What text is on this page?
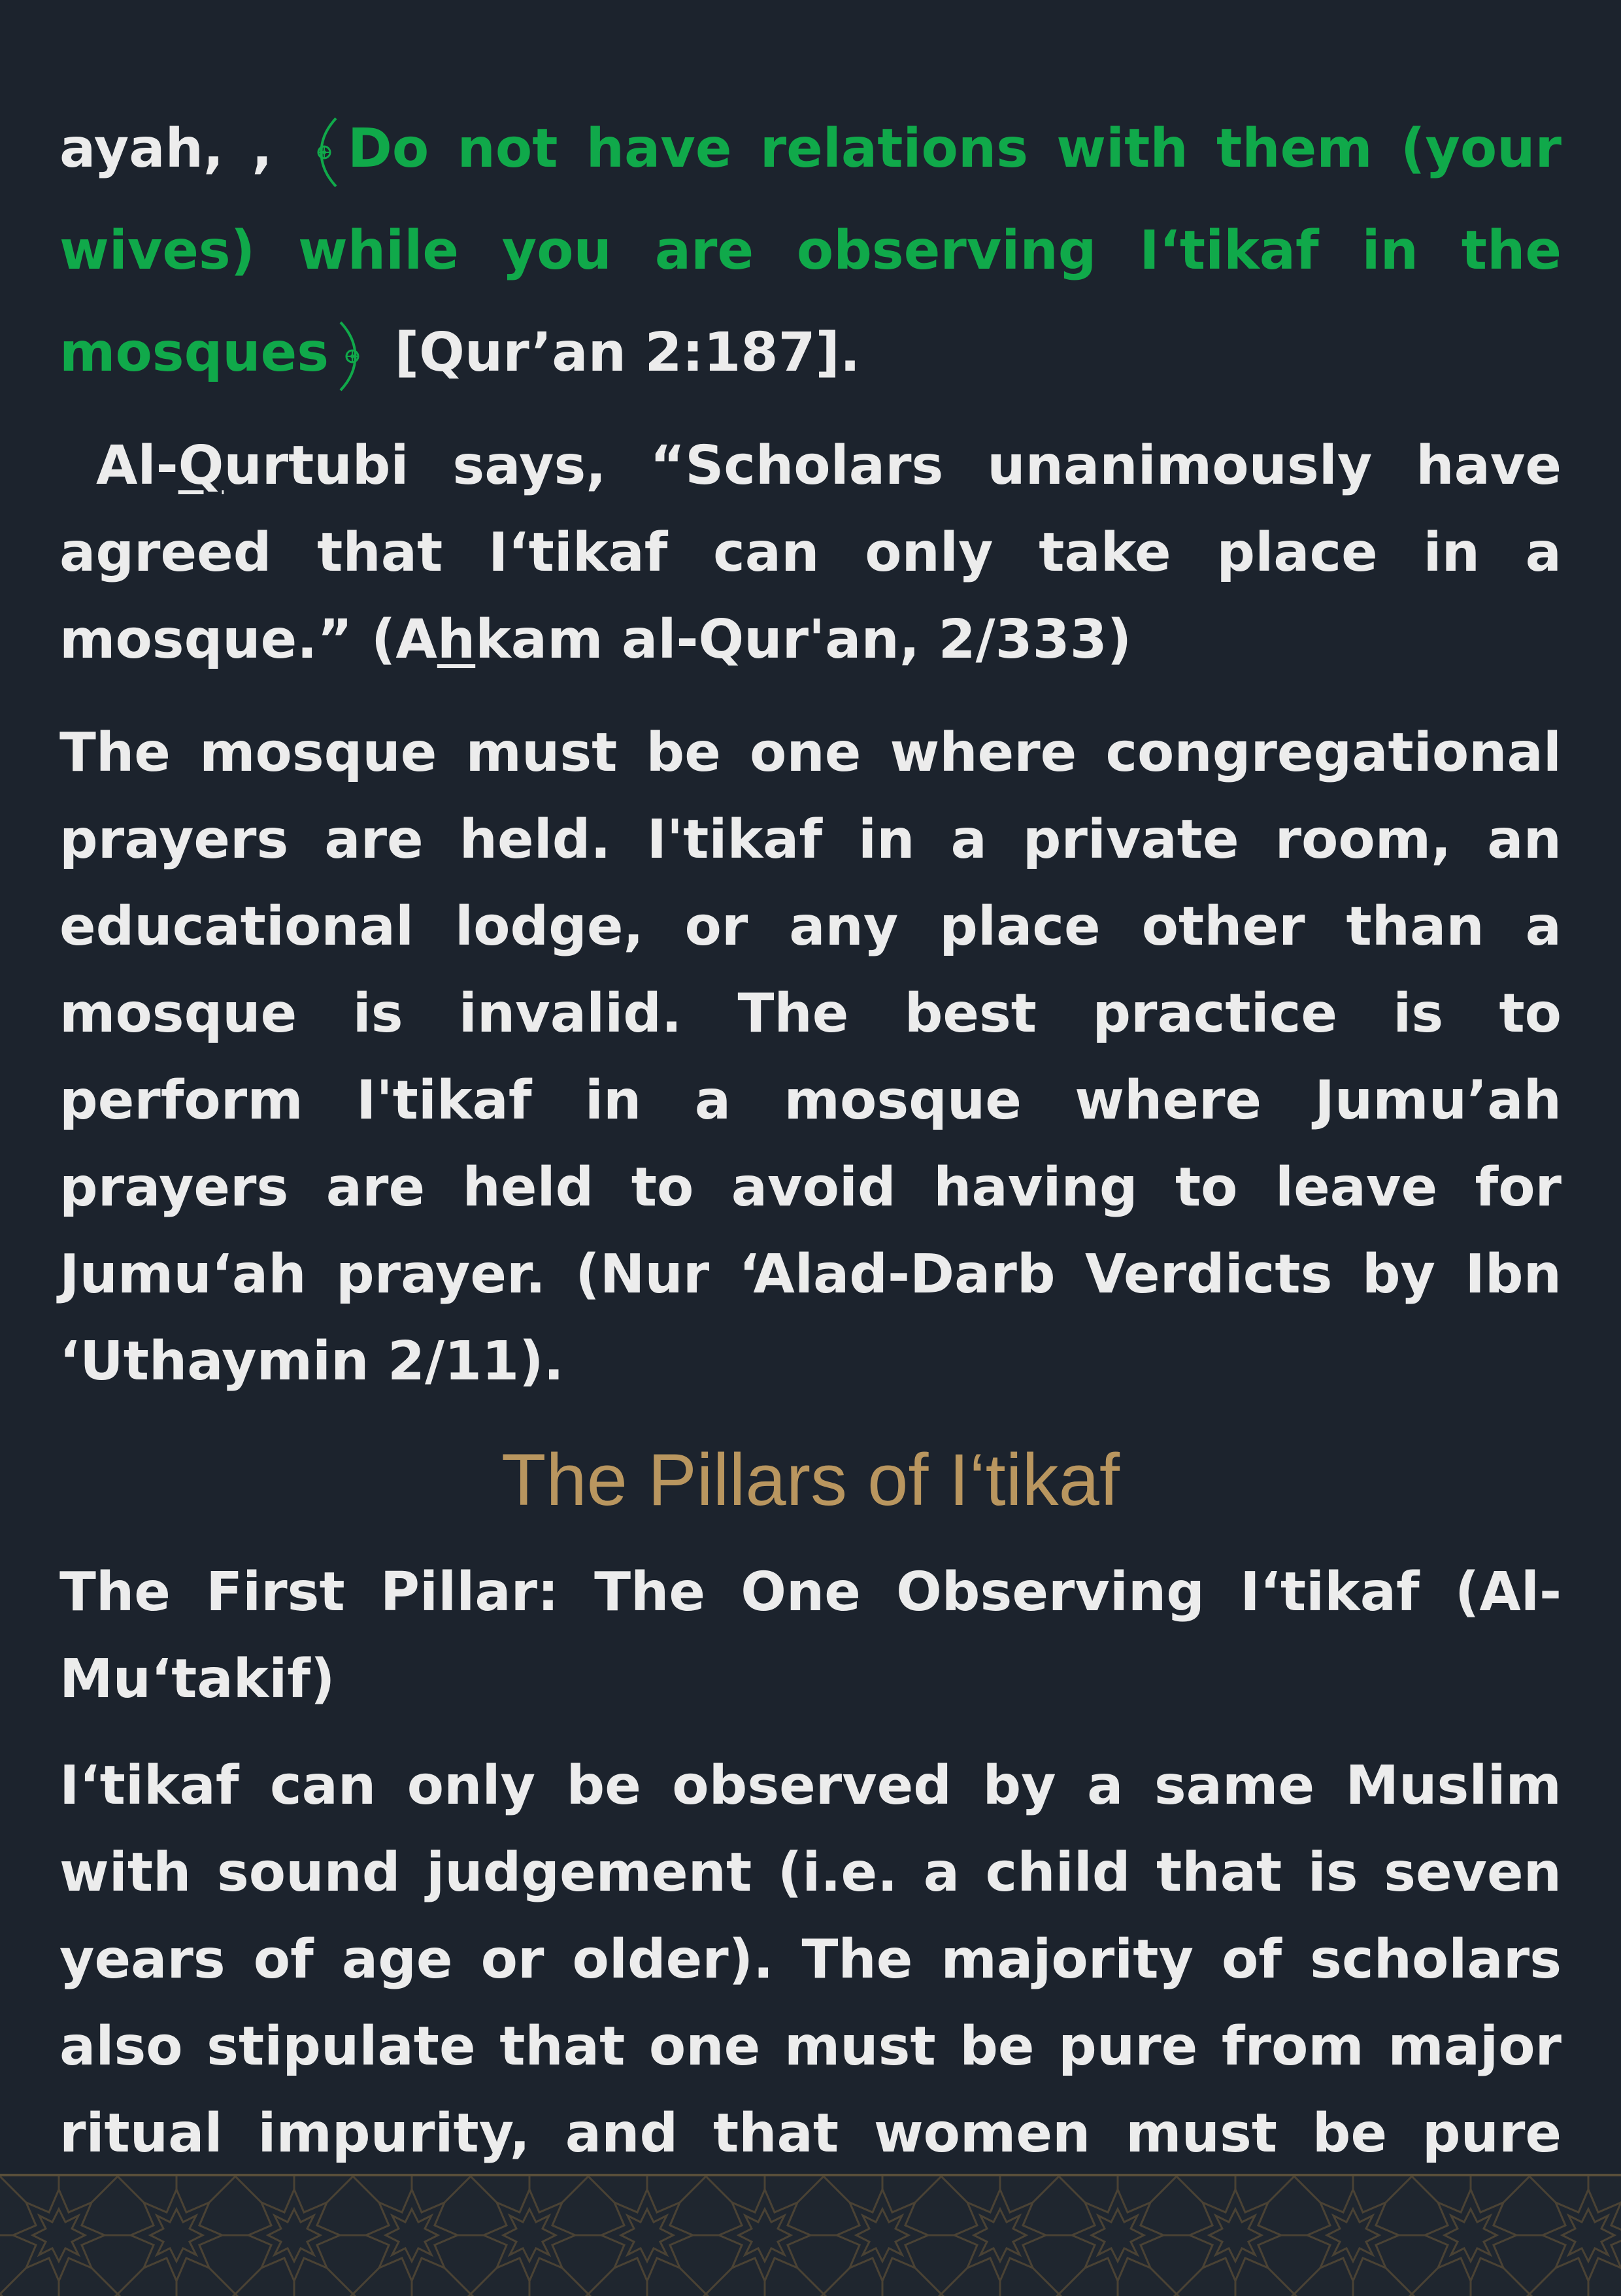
ayah, , Do not have relations with them (your wives) while you are observing I‘tikaf in the mosques [Qur’an 2:187].

Al-Qurtubi says, “Scholars unanimously have agreed that I‘tikaf can only take place in a mosque.” (Ahkam al-Qur'an, 2/333)

The mosque must be one where congregational prayers are held. I'tikaf in a private room, an educational lodge, or any place other than a mosque is invalid. The best practice is to perform I'tikaf in a mosque where Jumu’ah prayers are held to avoid having to leave for Jumu‘ah prayer. (Nur ‘Alad-Darb Verdicts by Ibn ‘Uthaymin 2/11).

The Pillars of I‘tikaf

The First Pillar: The One Observing I‘tikaf (Al-Mu‘takif)

I‘tikaf can only be observed by a same Muslim with sound judgement (i.e. a child that is seven years of age or older). The majority of scholars also stipulate that one must be pure from major ritual impurity, and that women must be pure
